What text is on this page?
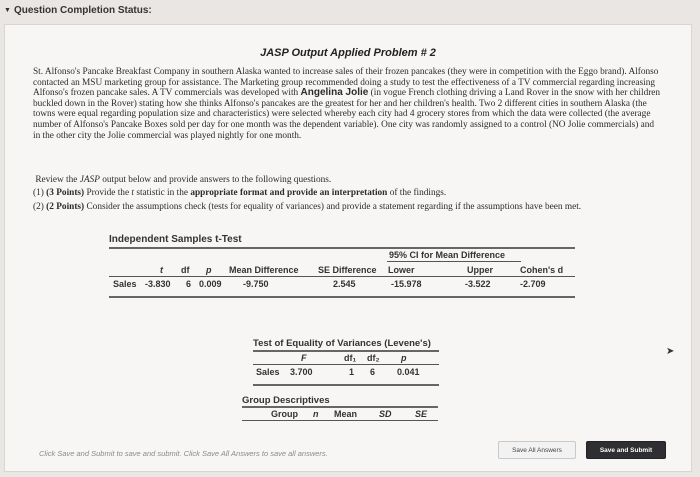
▼ Question Completion Status:
JASP Output Applied Problem # 2
St. Alfonso's Pancake Breakfast Company in southern Alaska wanted to increase sales of their frozen pancakes (they were in competition with the Eggo brand). Alfonso contacted an MSU marketing group for assistance. The Marketing group recommended doing a study to test the effectiveness of a TV commercial regarding increasing Alfonso's frozen pancake sales. A TV commercials was developed with Angelina Jolie (in vogue French clothing driving a Land Rover in the snow with her children buckled down in the Rover) stating how she thinks Alfonso's pancakes are the greatest for her and her children's health. Two 2 different cities in southern Alaska (the towns were equal regarding population size and characteristics) were selected whereby each city had 4 grocery stores from which the data were collected (the average number of Alfonso's Pancake Boxes sold per day for one month was the dependent variable). One city was randomly assigned to a control (NO Jolie commercials) and in the other city the Jolie commercial was played nightly for one month.
Review the JASP output below and provide answers to the following questions.
(1) (3 Points) Provide the t statistic in the appropriate format and provide an interpretation of the findings.
(2) (2 Points) Consider the assumptions check (tests for equality of variances) and provide a statement regarding if the assumptions have been met.
Independent Samples t-Test
95% CI for Mean Difference
t df p Mean Difference SE Difference Lower	Upper	Cohen's d
Sales -3.830 6 0.009 -9.750	2.545	-15.978	-3.522	-2.709
Test of Equality of Variances (Levene's)
F	df₁ df₂ p
Sales 3.700	1 6 0.041
Group Descriptives
Group n Mean SD	SE
Click Save and Submit to save and submit. Click Save All Answers to save all answers.	Save All Answers	Save and Submit
➤
